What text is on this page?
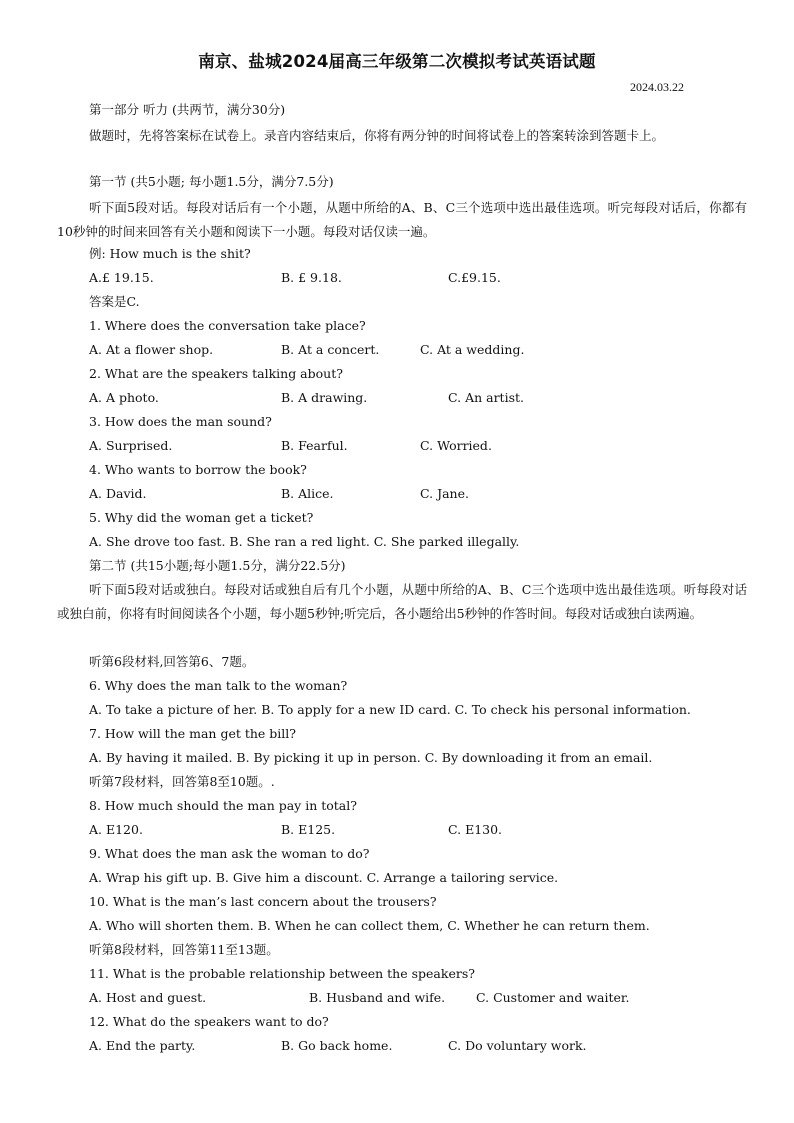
南京、盐城2024届高三年级第二次模拟考试英语试题
2024.03.22
第一部分 听力 (共两节，满分30分)
做题时，先将答案标在试卷上。录音内容结束后，你将有两分钟的时间将试卷上的答案转涂到答题卡上。
第一节 (共5小题; 每小题1.5分，满分7.5分)
听下面5段对话。每段对话后有一个小题，从题中所给的A、B、C三个选项中选出最佳选项。听完每段对话后，你都有10秒钟的时间来回答有关小题和阅读下一小题。每段对话仅读一遍。
例: How much is the shit?
A.£ 19.15.	B. £ 9.18.	C.£9.15.
答案是C.
1. Where does the conversation take place?
A. At a flower shop.	B. At a concert.	C. At a wedding.
2. What are the speakers talking about?
A. A photo.	B. A drawing.	C. An artist.
3. How does the man sound?
A. Surprised.	B. Fearful.	C. Worried.
4. Who wants to borrow the book?
A. David.	B. Alice.	C. Jane.
5. Why did the woman get a ticket?
A. She drove too fast. B. She ran a red light. C. She parked illegally.
第二节 (共15小题;每小题1.5分，满分22.5分)
听下面5段对话或独白。每段对话或独自后有几个小题，从题中所给的A、B、C三个选项中选出最佳选项。听每段对话或独白前，你将有时间阅读各个小题，每小题5秒钟;听完后，各小题给出5秒钟的作答时间。每段对话或独白读两遍。
听第6段材料,回答第6、7题。
6. Why does the man talk to the woman?
A. To take a picture of her. B. To apply for a new ID card. C. To check his personal information.
7. How will the man get the bill?
A. By having it mailed. B. By picking it up in person. C. By downloading it from an email.
听第7段材料，回答第8至10题。.
8. How much should the man pay in total?
A. E120.	B. E125.	C. E130.
9. What does the man ask the woman to do?
A. Wrap his gift up. B. Give him a discount. C. Arrange a tailoring service.
10. What is the man’s last concern about the trousers?
A. Who will shorten them. B. When he can collect them, C. Whether he can return them.
听第8段材料，回答第11至13题。
11. What is the probable relationship between the speakers?
A. Host and guest.	B. Husband and wife. C. Customer and waiter.
12. What do the speakers want to do?
A. End the party.	B. Go back home.	C. Do voluntary work.
